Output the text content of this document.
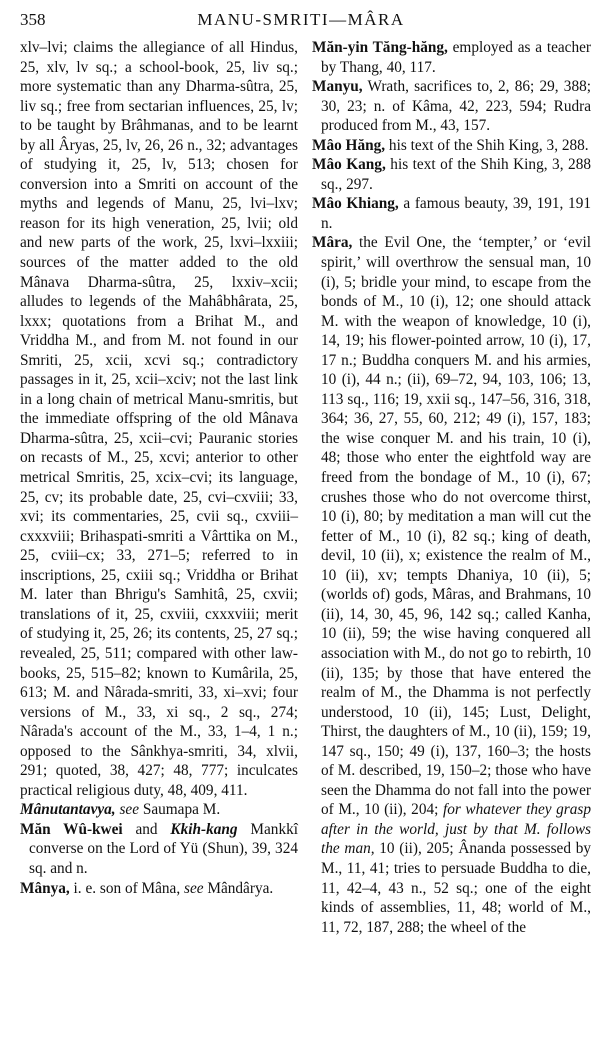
358	MANU-SMRITI—MÂRA

xlv–lvi; claims the allegiance of all Hindus, 25, xlv, lv sq.; a school-book, 25, liv sq.; more systematic than any Dharma-sûtra, 25, liv sq.; free from sectarian influences, 25, lv; to be taught by Brâhmanas, and to be learnt by all Âryas, 25, lv, 26, 26 n., 32; advantages of studying it, 25, lv, 513; chosen for conversion into a Smriti on account of the myths and legends of Manu, 25, lvi–lxv; reason for its high veneration, 25, lvii; old and new parts of the work, 25, lxvi–lxxiii; sources of the matter added to the old Mânava Dharma-sûtra, 25, lxxiv–xcii; alludes to legends of the Mahâbhârata, 25, lxxx; quotations from a Brihat M., and Vriddha M., and from M. not found in our Smriti, 25, xcii, xcvi sq.; contradictory passages in it, 25, xcii–xciv; not the last link in a long chain of metrical Manu-smritis, but the immediate offspring of the old Mânava Dharma-sûtra, 25, xcii–cvi; Pauranic stories on recasts of M., 25, xcvi; anterior to other metrical Smritis, 25, xcix–cvi; its language, 25, cv; its probable date, 25, cvi–cxviii; 33, xvi; its commentaries, 25, cvii sq., cxviii–cxxxviii; Brihaspati-smriti a Vârttika on M., 25, cviii–cx; 33, 271–5; referred to in inscriptions, 25, cxiii sq.; Vriddha or Brihat M. later than Bhrigu's Samhitâ, 25, cxvii; translations of it, 25, cxviii, cxxxviii; merit of studying it, 25, 26; its contents, 25, 27 sq.; revealed, 25, 511; compared with other law-books, 25, 515–82; known to Kumârila, 25, 613; M. and Nârada-smriti, 33, xi–xvi; four versions of M., 33, xi sq., 2 sq., 274; Nârada's account of the M., 33, 1–4, 1 n.; opposed to the Sânkhya-smriti, 34, xlvii, 291; quoted, 38, 427; 48, 777; inculcates practical religious duty, 48, 409, 411.

Mânutantavya, see Saumapa M.

Măn Wû-kwei and Kkih-kang Mankkî converse on the Lord of Yü (Shun), 39, 324 sq. and n.

Mânya, i. e. son of Mâna, see Mândârya.

Măn-yin Tăng-hăng, employed as a teacher by Thang, 40, 117.

Manyu, Wrath, sacrifices to, 2, 86; 29, 388; 30, 23; n. of Kâma, 42, 223, 594; Rudra produced from M., 43, 157.

Mâo Hăng, his text of the Shih King, 3, 288.

Mâo Kang, his text of the Shih King, 3, 288 sq., 297.

Mâo Khiang, a famous beauty, 39, 191, 191 n.

Mâra, the Evil One, the ‘tempter,’ or ‘evil spirit,’ will overthrow the sensual man, 10 (i), 5; bridle your mind, to escape from the bonds of M., 10 (i), 12; one should attack M. with the weapon of knowledge, 10 (i), 14, 19; his flower-pointed arrow, 10 (i), 17, 17 n.; Buddha conquers M. and his armies, 10 (i), 44 n.; (ii), 69–72, 94, 103, 106; 13, 113 sq., 116; 19, xxii sq., 147–56, 316, 318, 364; 36, 27, 55, 60, 212; 49 (i), 157, 183; the wise conquer M. and his train, 10 (i), 48; those who enter the eightfold way are freed from the bondage of M., 10 (i), 67; crushes those who do not overcome thirst, 10 (i), 80; by meditation a man will cut the fetter of M., 10 (i), 82 sq.; king of death, devil, 10 (ii), x; existence the realm of M., 10 (ii), xv; tempts Dhaniya, 10 (ii), 5; (worlds of) gods, Mâras, and Brahmans, 10 (ii), 14, 30, 45, 96, 142 sq.; called Kanha, 10 (ii), 59; the wise having conquered all association with M., do not go to rebirth, 10 (ii), 135; by those that have entered the realm of M., the Dhamma is not perfectly understood, 10 (ii), 145; Lust, Delight, Thirst, the daughters of M., 10 (ii), 159; 19, 147 sq., 150; 49 (i), 137, 160–3; the hosts of M. described, 19, 150–2; those who have seen the Dhamma do not fall into the power of M., 10 (ii), 204; for whatever they grasp after in the world, just by that M. follows the man, 10 (ii), 205; Ânanda possessed by M., 11, 41; tries to persuade Buddha to die, 11, 42–4, 43 n., 52 sq.; one of the eight kinds of assemblies, 11, 48; world of M., 11, 72, 187, 288; the wheel of the
